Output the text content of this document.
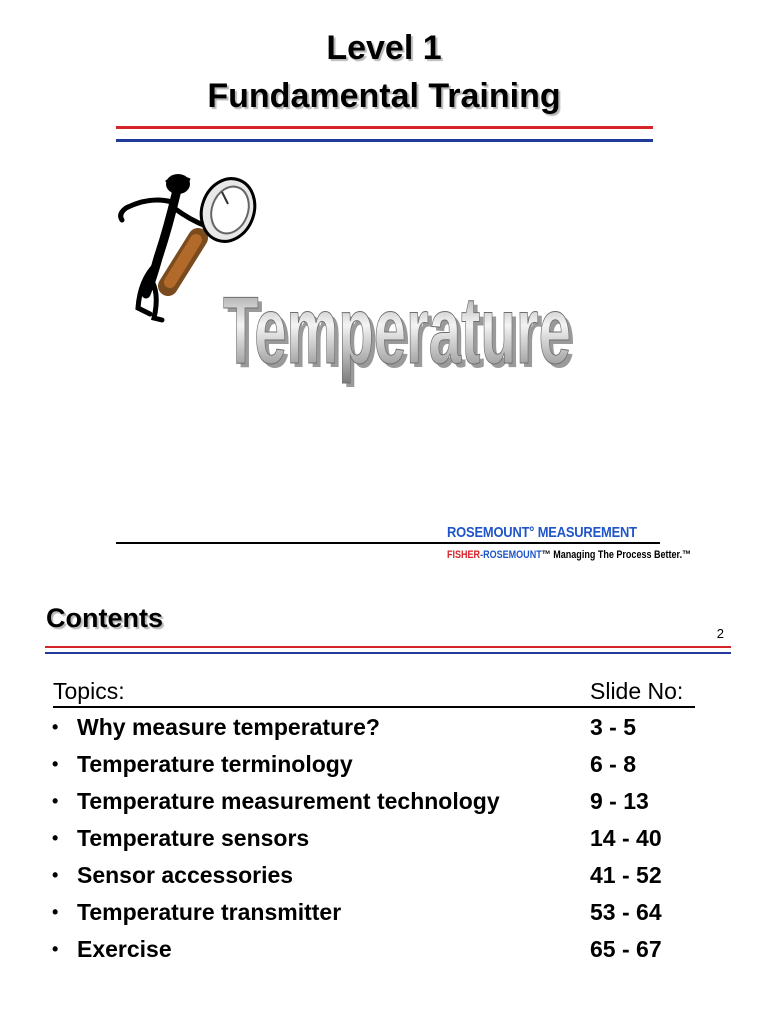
Level 1
Fundamental Training
Temperature
Temperature
ROSEMOUNT° MEASUREMENT
FISHER-ROSEMOUNT™ Managing The Process Better.™
Contents
2
Topics:	Slide No:
• Why measure temperature?	3 - 5
• Temperature terminology	6 - 8
• Temperature measurement technology	9 - 13
• Temperature sensors	14 - 40
• Sensor accessories	41 - 52
• Temperature transmitter	53 - 64
• Exercise	65 - 67
